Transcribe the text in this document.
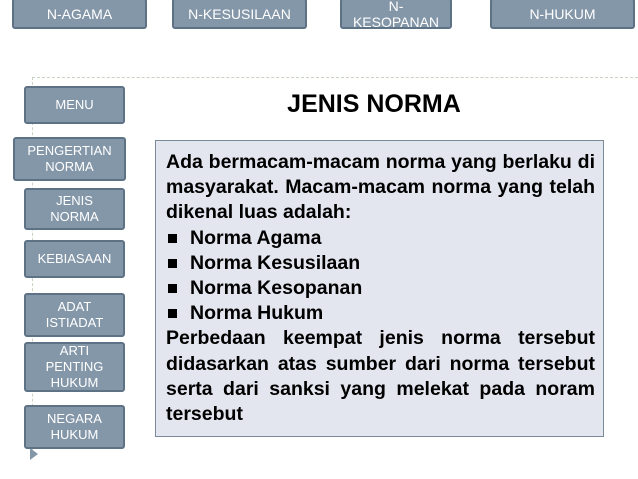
N-AGAMA	N-KESUSILAAN	N-
KESOPANAN
N-HUKUM
MENU
PENGERTIAN
NORMA
JENIS
NORMA
KEBIASAAN
ADAT
ISTIADAT
ARTI
PENTING
HUKUM
NEGARA
HUKUM
JENIS NORMA

Ada bermacam-macam norma yang berlaku di masyarakat. Macam-macam norma yang telah dikenal luas adalah:

Norma Agama
Norma Kesusilaan
Norma Kesopanan
Norma Hukum

Perbedaan keempat jenis norma tersebut didasarkan atas sumber dari norma tersebut serta dari sanksi yang melekat pada noram tersebut
